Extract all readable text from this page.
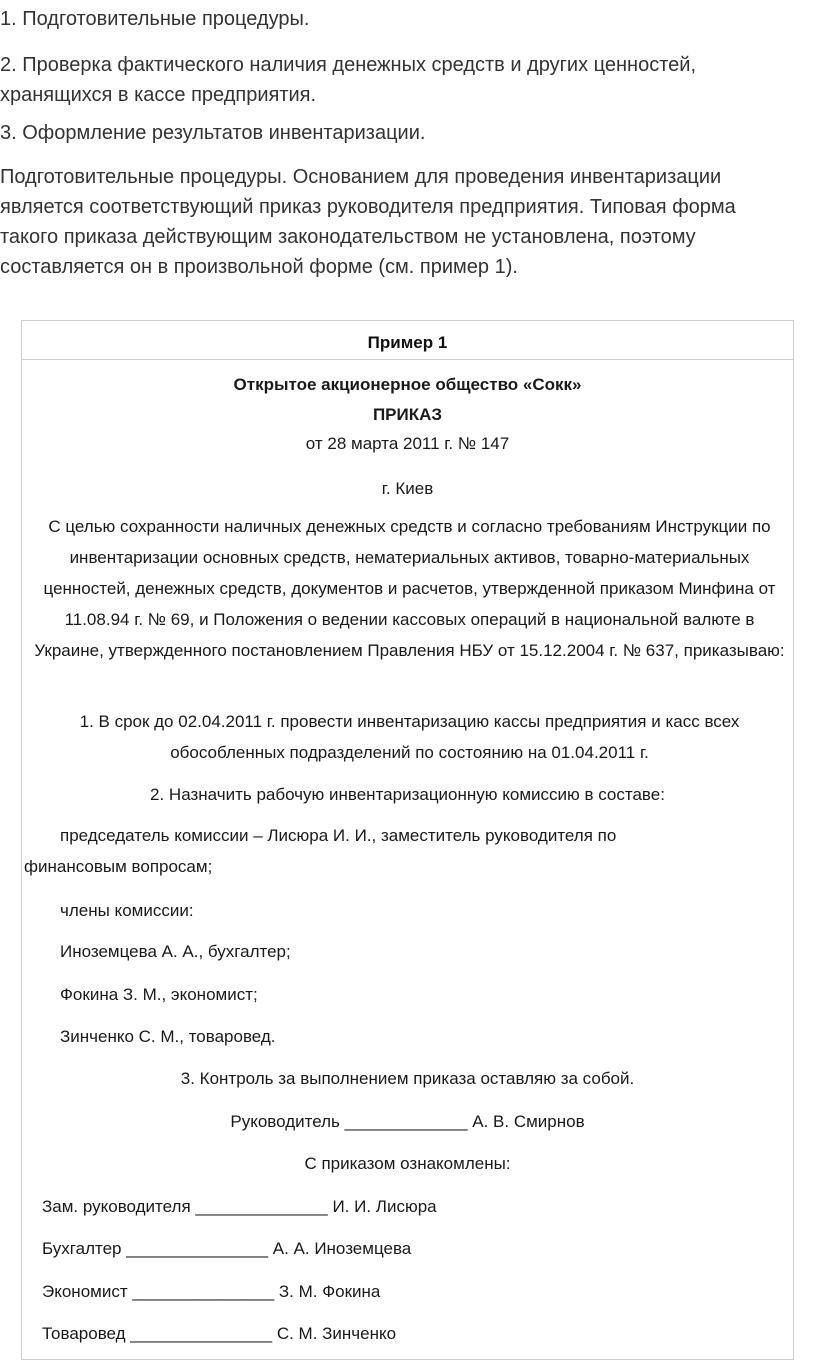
1. Подготовительные процедуры.

2. Проверка фактического наличия денежных средств и других ценностей, хранящихся в кассе предприятия.

3. Оформление результатов инвентаризации.

Подготовительные процедуры. Основанием для проведения инвентаризации является соответствующий приказ руководителя предприятия. Типовая форма такого приказа действующим законодательством не установлена, поэтому составляется он в произвольной форме (см. пример 1).

Пример 1
Открытое акционерное общество «Сокк»
ПРИКАЗ
от 28 марта 2011 г. № 147
г. Киев
С целью сохранности наличных денежных средств и согласно требованиям Инструкции по инвентаризации основных средств, нематериальных активов, товарно-материальных ценностей, денежных средств, документов и расчетов, утвержденной приказом Минфина от 11.08.94 г. № 69, и Положения о ведении кассовых операций в национальной валюте в Украине, утвержденного постановлением Правления НБУ от 15.12.2004 г. № 637, приказываю:
1. В срок до 02.04.2011 г. провести инвентаризацию кассы предприятия и касс всех обособленных подразделений по состоянию на 01.04.2011 г.
2. Назначить рабочую инвентаризационную комиссию в составе:
председатель комиссии – Лисюра И. И., заместитель руководителя по
финансовым вопросам;
члены комиссии:
Иноземцева А. А., бухгалтер;
Фокина З. М., экономист;
Зинченко С. М., товаровед.
3. Контроль за выполнением приказа оставляю за собой.
Руководитель _____________ А. В. Смирнов
С приказом ознакомлены:
Зам. руководителя ______________ И. И. Лисюра
Бухгалтер _______________ А. А. Иноземцева
Экономист _______________ З. М. Фокина
Товаровед _______________ С. М. Зинченко
